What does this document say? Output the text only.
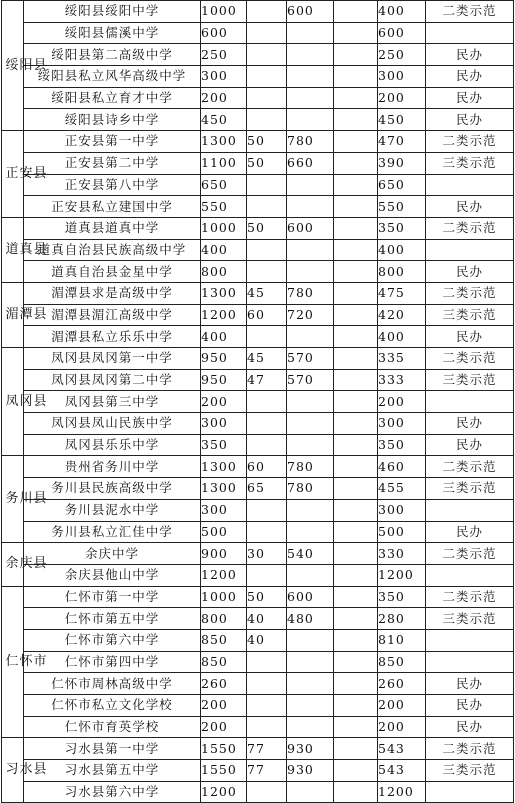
绥阳县	绥阳县绥阳中学	1000		600		400	二类示范
	绥阳县儒溪中学	600				600	
	绥阳县第二高级中学	250				250	民办
	绥阳县私立风华高级中学	300				300	民办
	绥阳县私立育才中学	200				200	民办
	绥阳县诗乡中学	450				450	民办
正安县	正安县第一中学	1300	50	780		470	二类示范
	正安县第二中学	1100	50	660		390	三类示范
	正安县第八中学	650				650	
	正安县私立建国中学	550				550	民办
道真县	道真县道真中学	1000	50	600		350	二类示范
	道真自治县民族高级中学	400				400	
	道真自治县金星中学	800				800	民办
湄潭县	湄潭县求是高级中学	1300	45	780		475	二类示范
	湄潭县湄江高级中学	1200	60	720		420	三类示范
	湄潭县私立乐乐中学	400				400	民办
凤冈县	凤冈县凤冈第一中学	950	45	570		335	二类示范
	凤冈县凤冈第二中学	950	47	570		333	三类示范
	凤冈县第三中学	200				200	
	凤冈县凤山民族中学	300				300	民办
	凤冈县乐乐中学	350				350	民办
务川县	贵州省务川中学	1300	60	780		460	二类示范
	务川县民族高级中学	1300	65	780		455	三类示范
	务川县泥水中学	300				300	
	务川县私立汇佳中学	500				500	民办
余庆县	余庆中学	900	30	540		330	二类示范
	余庆县他山中学	1200				1200	
仁怀市	仁怀市第一中学	1000	50	600		350	二类示范
	仁怀市第五中学	800	40	480		280	三类示范
	仁怀市第六中学	850	40			810	
	仁怀市第四中学	850				850	
	仁怀市周林高级中学	260				260	民办
	仁怀市私立文化学校	200				200	民办
	仁怀市育英学校	200				200	民办
习水县	习水县第一中学	1550	77	930		543	二类示范
	习水县第五中学	1550	77	930		543	三类示范
	习水县第六中学	1200				1200	
